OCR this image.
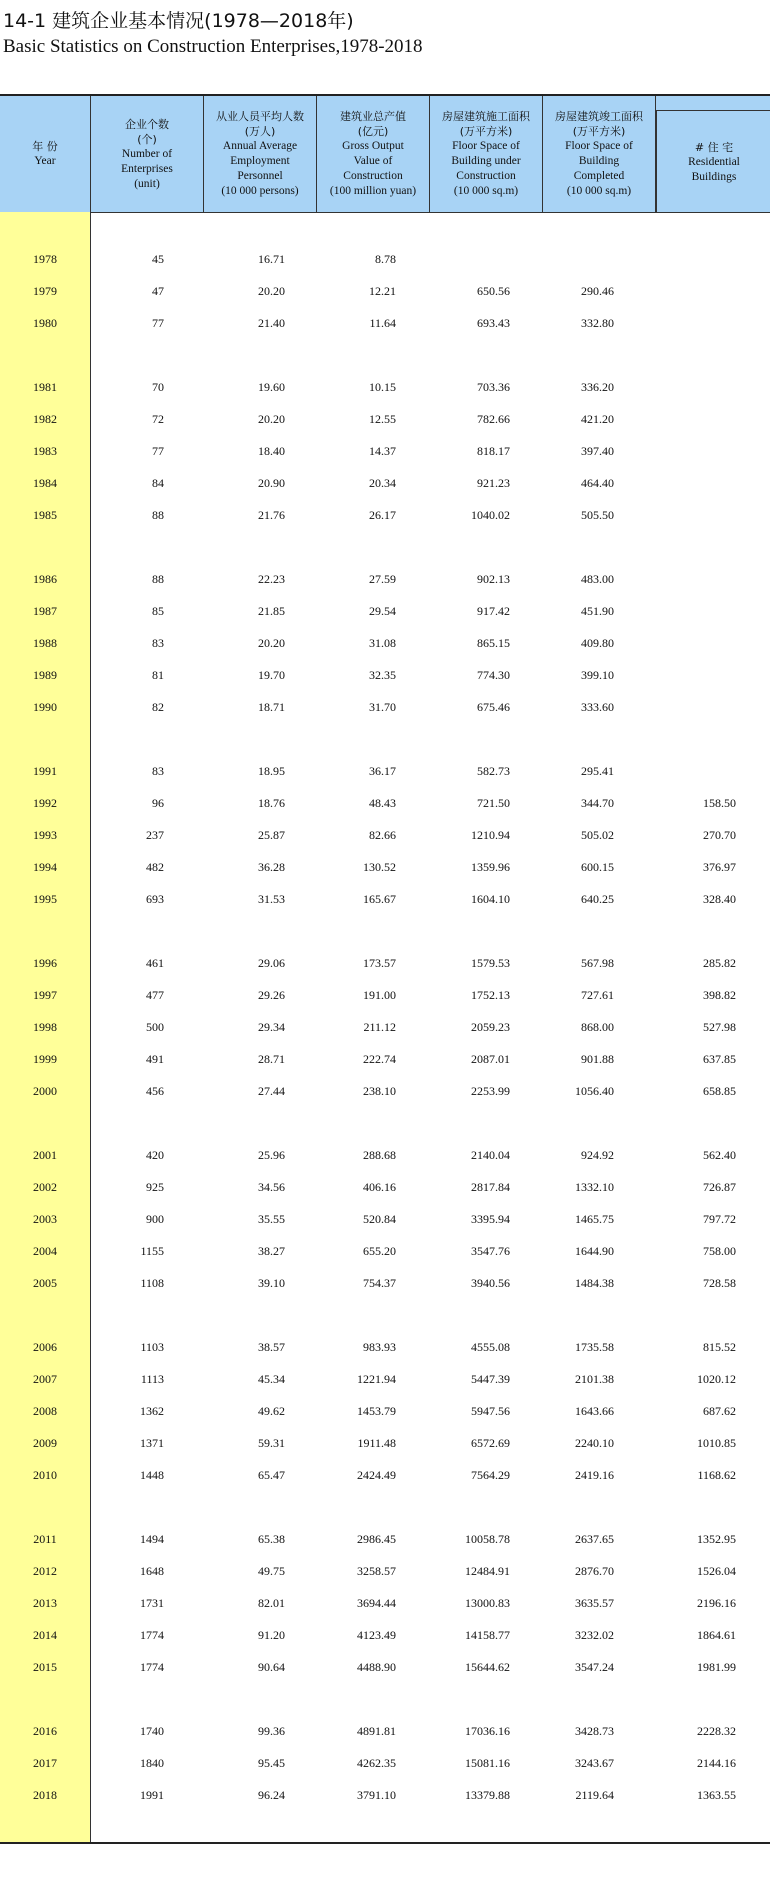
14-1 建筑企业基本情况(1978—2018年)
Basic Statistics on Construction Enterprises,1978-2018
年 份
Year
企业个数
(个)
Number of
Enterprises
(unit)
从业人员平均人数
(万人)
Annual Average
Employment
Personnel
(10 000 persons)
建筑业总产值
(亿元)
Gross Output
Value of
Construction
(100 million yuan)
房屋建筑施工面积
(万平方米)
Floor Space of
Building under
Construction
(10 000 sq.m)
房屋建筑竣工面积
(万平方米)
Floor Space of
Building
Completed
(10 000 sq.m)
# 住 宅
Residential
Buildings
1978	45	16.71	8.78
1979	47	20.20	12.21	650.56	290.46
1980	77	21.40	11.64	693.43	332.80
1981	70	19.60	10.15	703.36	336.20
1982	72	20.20	12.55	782.66	421.20
1983	77	18.40	14.37	818.17	397.40
1984	84	20.90	20.34	921.23	464.40
1985	88	21.76	26.17	1040.02	505.50
1986	88	22.23	27.59	902.13	483.00
1987	85	21.85	29.54	917.42	451.90
1988	83	20.20	31.08	865.15	409.80
1989	81	19.70	32.35	774.30	399.10
1990	82	18.71	31.70	675.46	333.60
1991	83	18.95	36.17	582.73	295.41
1992	96	18.76	48.43	721.50	344.70	158.50
1993	237	25.87	82.66	1210.94	505.02	270.70
1994	482	36.28	130.52	1359.96	600.15	376.97
1995	693	31.53	165.67	1604.10	640.25	328.40
1996	461	29.06	173.57	1579.53	567.98	285.82
1997	477	29.26	191.00	1752.13	727.61	398.82
1998	500	29.34	211.12	2059.23	868.00	527.98
1999	491	28.71	222.74	2087.01	901.88	637.85
2000	456	27.44	238.10	2253.99	1056.40	658.85
2001	420	25.96	288.68	2140.04	924.92	562.40
2002	925	34.56	406.16	2817.84	1332.10	726.87
2003	900	35.55	520.84	3395.94	1465.75	797.72
2004	1155	38.27	655.20	3547.76	1644.90	758.00
2005	1108	39.10	754.37	3940.56	1484.38	728.58
2006	1103	38.57	983.93	4555.08	1735.58	815.52
2007	1113	45.34	1221.94	5447.39	2101.38	1020.12
2008	1362	49.62	1453.79	5947.56	1643.66	687.62
2009	1371	59.31	1911.48	6572.69	2240.10	1010.85
2010	1448	65.47	2424.49	7564.29	2419.16	1168.62
2011	1494	65.38	2986.45	10058.78	2637.65	1352.95
2012	1648	49.75	3258.57	12484.91	2876.70	1526.04
2013	1731	82.01	3694.44	13000.83	3635.57	2196.16
2014	1774	91.20	4123.49	14158.77	3232.02	1864.61
2015	1774	90.64	4488.90	15644.62	3547.24	1981.99
2016	1740	99.36	4891.81	17036.16	3428.73	2228.32
2017	1840	95.45	4262.35	15081.16	3243.67	2144.16
2018	1991	96.24	3791.10	13379.88	2119.64	1363.55
